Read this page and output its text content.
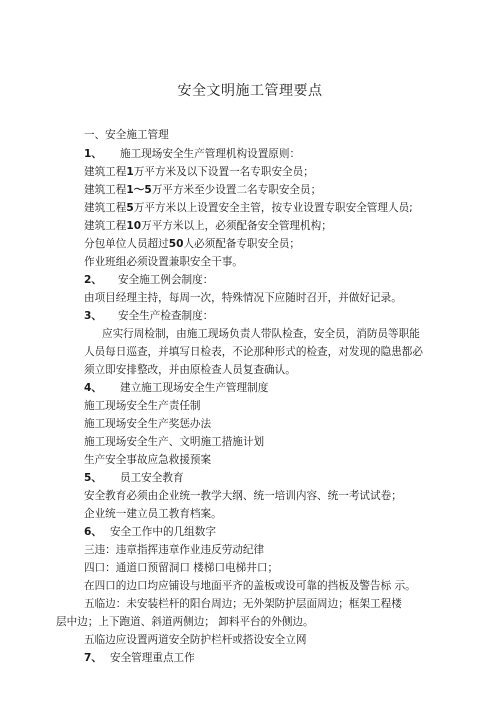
安全文明施工管理要点
一、安全施工管理
1、 施工现场安全生产管理机构设置原则：
建筑工程1万平方米及以下设置一名专职安全员；
建筑工程1～5万平方米至少设置二名专职安全员；
建筑工程5万平方米以上设置安全主管，按专业设置专职安全管理人员;
建筑工程10万平方米以上，必须配备安全管理机构；
分包单位人员超过50人必须配备专职安全员；
作业班组必须设置兼职安全干事。
2、 安全施工例会制度：
由项目经理主持，每周一次，特殊情况下应随时召开，并做好记录。
3、 安全生产检查制度：
应实行周检制，由施工现场负责人带队检查，安全员，消防员等职能
人员每日巡查，并填写日检表，不论那种形式的检查，对发现的隐患都必
须立即安排整改，并由原检查人员复查确认。
4、 建立施工现场安全生产管理制度
施工现场安全生产责任制
施工现场安全生产奖惩办法
施工现场安全生产、文明施工措施计划
生产安全事故应急救援预案
5、 员工安全教育
安全教育必须由企业统一教学大纲、统一培训内容、统一考试试卷；
企业统一建立员工教育档案。
6、 安全工作中的几组数字
三违：违章指挥违章作业违反劳动纪律
四口：通道口预留洞口 楼梯口电梯井口；
在四口的边口均应铺设与地面平齐的盖板或设可靠的挡板及警告标 示。
五临边：未安装栏杆的阳台周边；无外架防护层面周边；框架工程楼
层中边；上下跑道、斜道两侧边； 卸料平台的外侧边。
五临边应设置两道安全防护栏杆或搭设安全立网
7、 安全管理重点工作
